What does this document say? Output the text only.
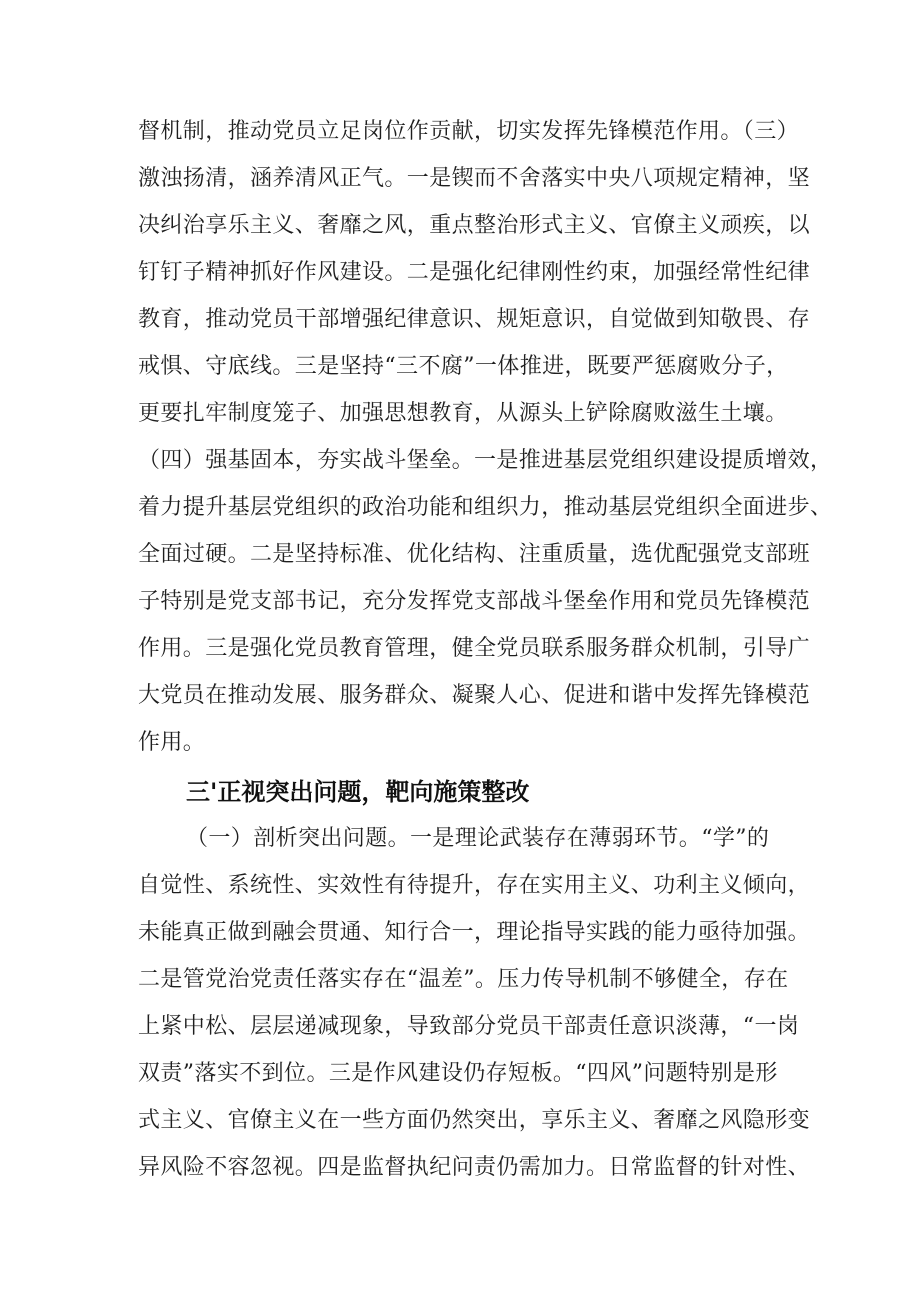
督机制，推动党员立足岗位作贡献，切实发挥先锋模范作用。（三）
激浊扬清，涵养清风正气。一是锲而不舍落实中央八项规定精神，坚
决纠治享乐主义、奢靡之风，重点整治形式主义、官僚主义顽疾，以
钉钉子精神抓好作风建设。二是强化纪律刚性约束，加强经常性纪律
教育，推动党员干部增强纪律意识、规矩意识，自觉做到知敬畏、存
戒惧、守底线。三是坚持“三不腐”一体推进，既要严惩腐败分子，
更要扎牢制度笼子、加强思想教育，从源头上铲除腐败滋生土壤。
（四）强基固本，夯实战斗堡垒。一是推进基层党组织建设提质增效，
着力提升基层党组织的政治功能和组织力，推动基层党组织全面进步、
全面过硬。二是坚持标准、优化结构、注重质量，选优配强党支部班
子特别是党支部书记，充分发挥党支部战斗堡垒作用和党员先锋模范
作用。三是强化党员教育管理，健全党员联系服务群众机制，引导广
大党员在推动发展、服务群众、凝聚人心、促进和谐中发挥先锋模范
作用。
三'正视突出问题，靶向施策整改
（一）剖析突出问题。一是理论武装存在薄弱环节。“学”的
自觉性、系统性、实效性有待提升，存在实用主义、功利主义倾向，
未能真正做到融会贯通、知行合一，理论指导实践的能力亟待加强。
二是管党治党责任落实存在“温差”。压力传导机制不够健全，存在
上紧中松、层层递减现象，导致部分党员干部责任意识淡薄，“一岗
双责”落实不到位。三是作风建设仍存短板。“四风”问题特别是形
式主义、官僚主义在一些方面仍然突出，享乐主义、奢靡之风隐形变
异风险不容忽视。四是监督执纪问责仍需加力。日常监督的针对性、
